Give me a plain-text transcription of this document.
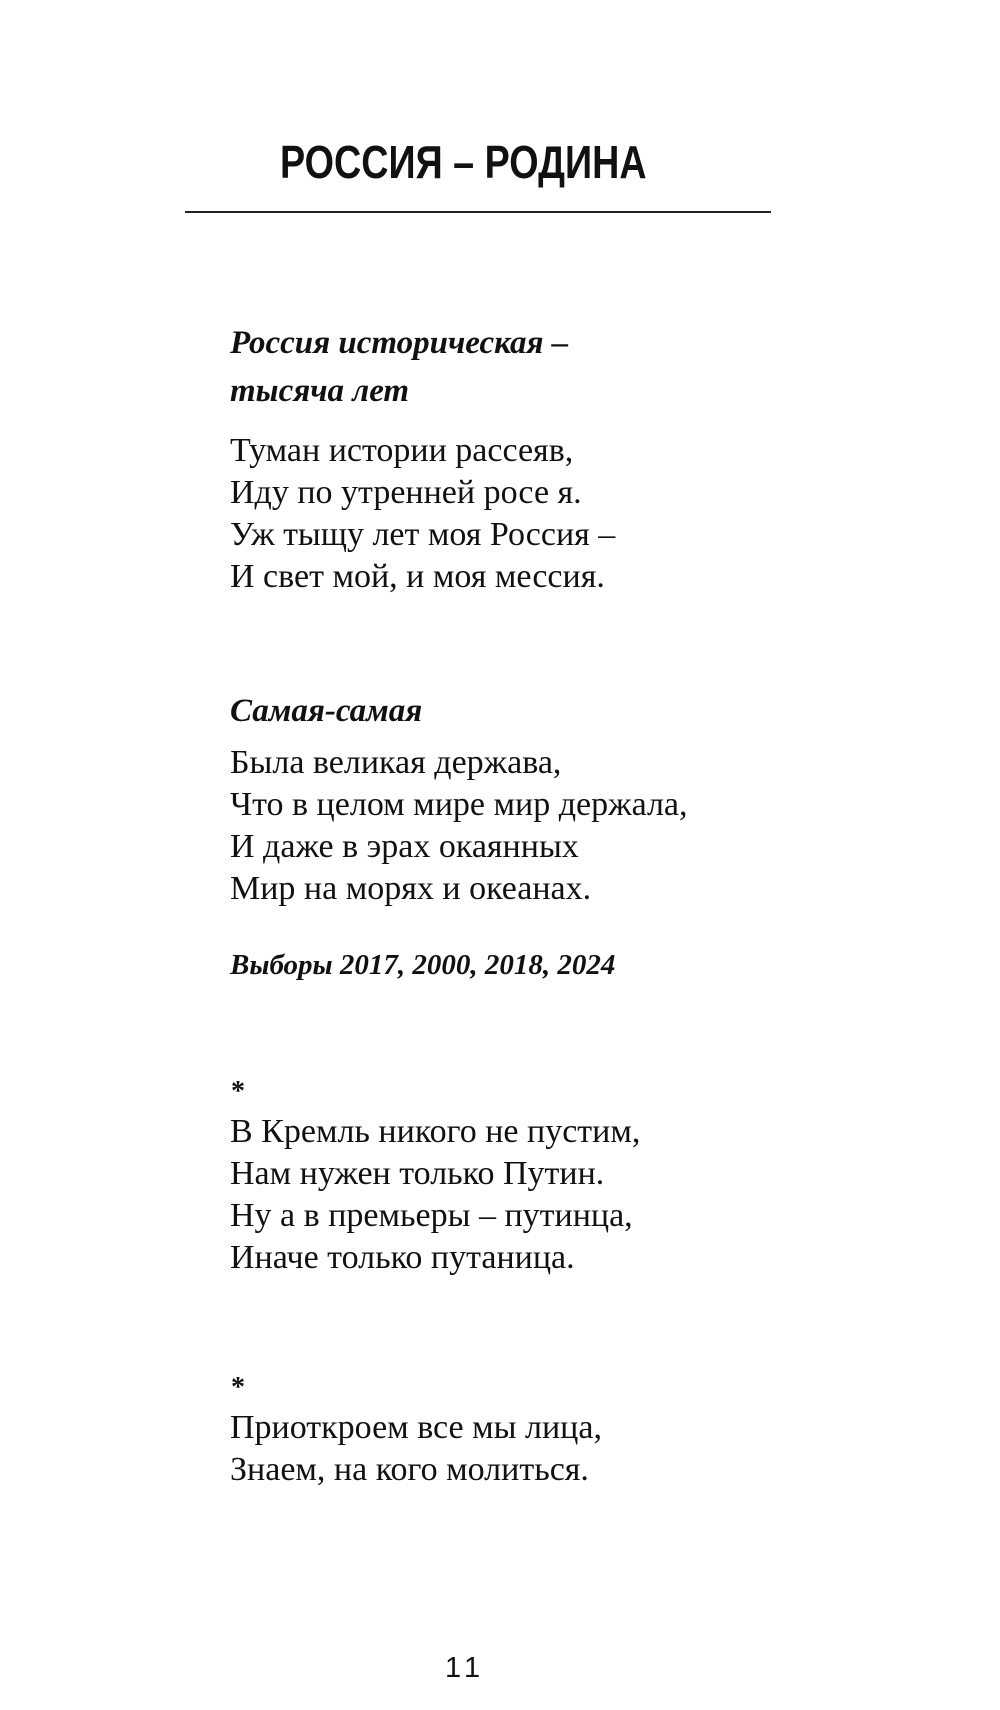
РОССИЯ – РОДИНА
Россия историческая –
тысяча лет
Туман истории рассеяв,
Иду по утренней росе я.
Уж тыщу лет моя Россия –
И свет мой, и моя мессия.
Самая-самая
Была великая держава,
Что в целом мире мир держала,
И даже в эрах окаянных
Мир на морях и океанах.
Выборы 2017, 2000, 2018, 2024
*
В Кремль никого не пустим,
Нам нужен только Путин.
Ну а в премьеры – путинца,
Иначе только путаница.
*
Приоткроем все мы лица,
Знаем, на кого молиться.
11
